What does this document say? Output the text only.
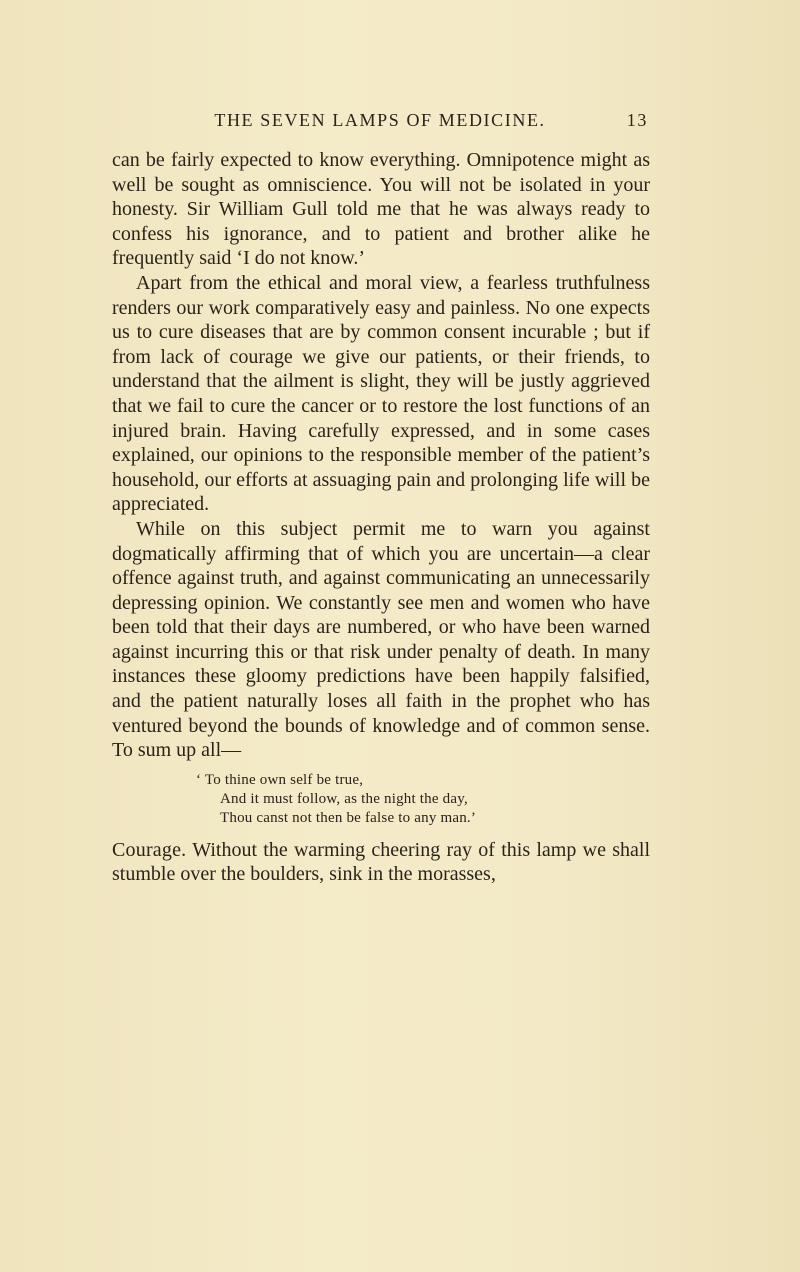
THE SEVEN LAMPS OF MEDICINE.	13

can be fairly expected to know everything. Omnipotence might as well be sought as omniscience. You will not be isolated in your honesty. Sir William Gull told me that he was always ready to confess his ignorance, and to patient and brother alike he frequently said ‘I do not know.’

Apart from the ethical and moral view, a fearless truthfulness renders our work comparatively easy and painless. No one expects us to cure diseases that are by common consent incurable ; but if from lack of courage we give our patients, or their friends, to understand that the ailment is slight, they will be justly aggrieved that we fail to cure the cancer or to restore the lost functions of an injured brain. Having carefully expressed, and in some cases explained, our opinions to the responsible member of the patient’s household, our efforts at assuaging pain and prolonging life will be appreciated.

While on this subject permit me to warn you against dogmatically affirming that of which you are uncertain—a clear offence against truth, and against communicating an unnecessarily depressing opinion. We constantly see men and women who have been told that their days are numbered, or who have been warned against incurring this or that risk under penalty of death. In many instances these gloomy predictions have been happily falsified, and the patient naturally loses all faith in the prophet who has ventured beyond the bounds of knowledge and of common sense. To sum up all—

‘ To thine own self be true,
And it must follow, as the night the day,
Thou canst not then be false to any man.’

Courage. Without the warming cheering ray of this lamp we shall stumble over the boulders, sink in the morasses,
